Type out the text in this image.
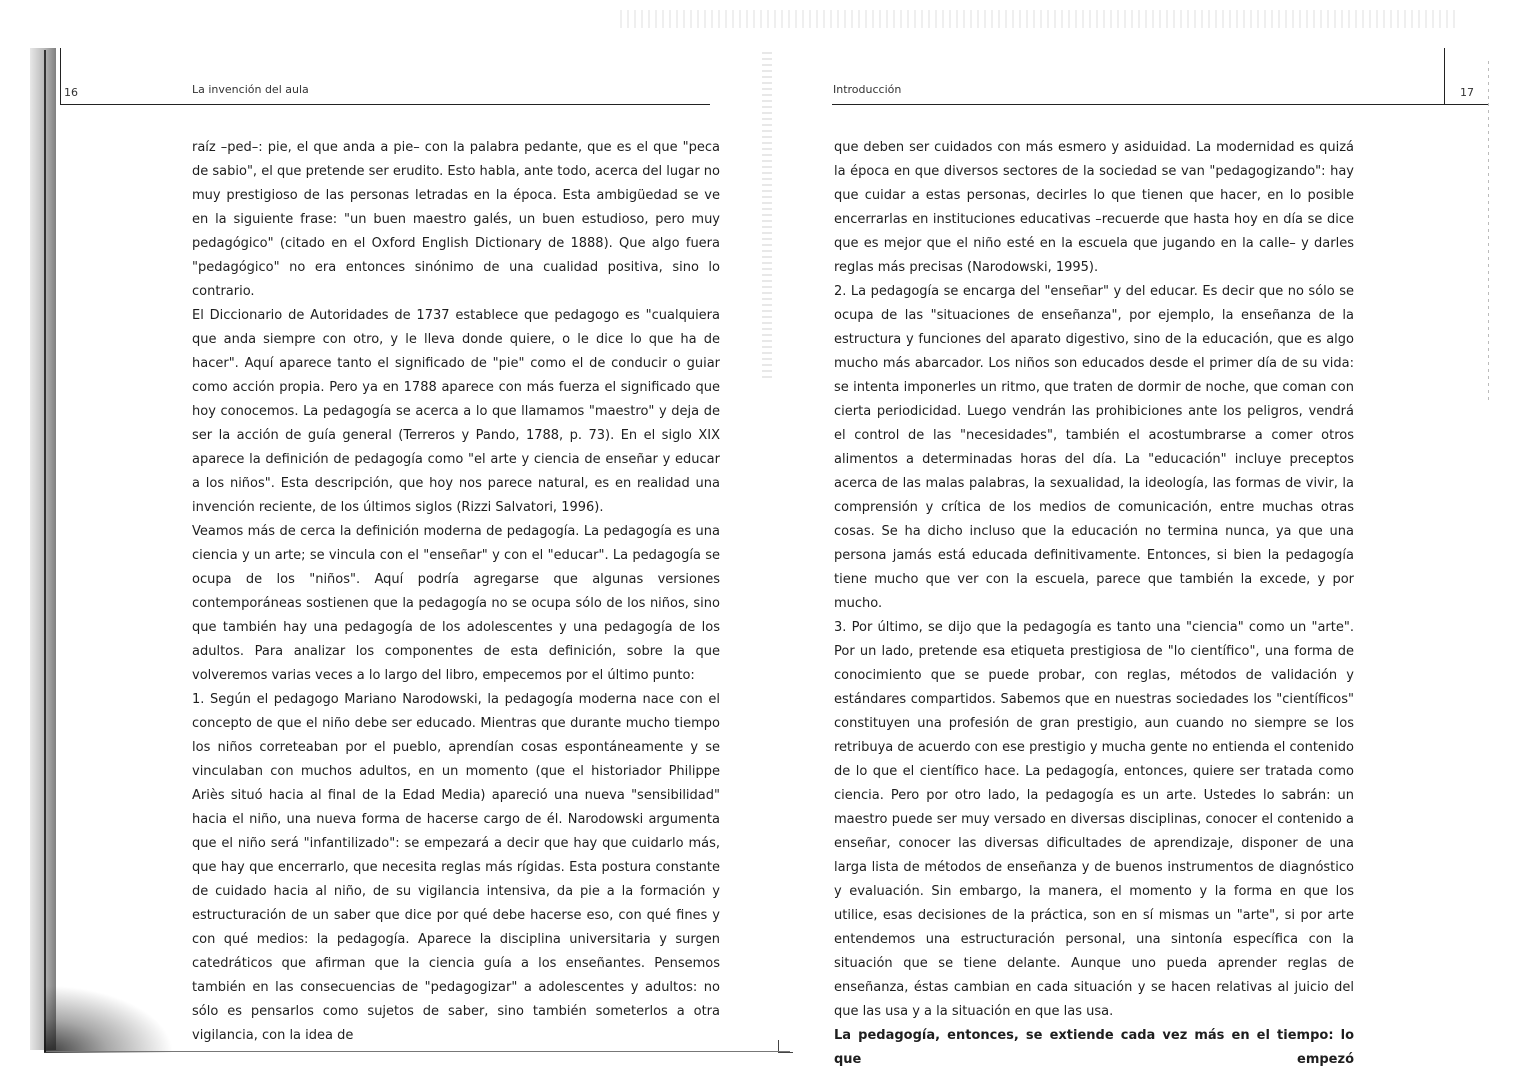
16	La invención del aula	17
Introducción

raíz –ped–: pie, el que anda a pie– con la palabra pedante, que es el que "peca de sabio", el que pretende ser erudito. Esto habla, ante todo, acerca del lugar no muy prestigioso de las personas letradas en la época. Esta ambigüedad se ve en la siguiente frase: "un buen maestro galés, un buen estudioso, pero muy pedagógico" (citado en el Oxford English Dictionary de 1888). Que algo fuera "pedagógico" no era entonces sinónimo de una cualidad positiva, sino lo contrario.

El Diccionario de Autoridades de 1737 establece que pedagogo es "cualquiera que anda siempre con otro, y le lleva donde quiere, o le dice lo que ha de hacer". Aquí aparece tanto el significado de "pie" como el de conducir o guiar como acción propia. Pero ya en 1788 aparece con más fuerza el significado que hoy conocemos. La pedagogía se acerca a lo que llamamos "maestro" y deja de ser la acción de guía general (Terreros y Pando, 1788, p. 73). En el siglo XIX aparece la definición de pedagogía como "el arte y ciencia de enseñar y educar a los niños". Esta descripción, que hoy nos parece natural, es en realidad una invención reciente, de los últimos siglos (Rizzi Salvatori, 1996).

Veamos más de cerca la definición moderna de pedagogía. La pedagogía es una ciencia y un arte; se vincula con el "enseñar" y con el "educar". La pedagogía se ocupa de los "niños". Aquí podría agregarse que algunas versiones contemporáneas sostienen que la pedagogía no se ocupa sólo de los niños, sino que también hay una pedagogía de los adolescentes y una pedagogía de los adultos. Para analizar los componentes de esta definición, sobre la que volveremos varias veces a lo largo del libro, empecemos por el último punto:

1. Según el pedagogo Mariano Narodowski, la pedagogía moderna nace con el concepto de que el niño debe ser educado. Mientras que durante mucho tiempo los niños correteaban por el pueblo, aprendían cosas espontáneamente y se vinculaban con muchos adultos, en un momento (que el historiador Philippe Ariès situó hacia al final de la Edad Media) apareció una nueva "sensibilidad" hacia el niño, una nueva forma de hacerse cargo de él. Narodowski argumenta que el niño será "infantilizado": se empezará a decir que hay que cuidarlo más, que hay que encerrarlo, que necesita reglas más rígidas. Esta postura constante de cuidado hacia al niño, de su vigilancia intensiva, da pie a la formación y estructuración de un saber que dice por qué debe hacerse eso, con qué fines y con qué medios: la pedagogía. Aparece la disciplina universitaria y surgen catedráticos que afirman que la ciencia guía a los enseñantes. Pensemos también en las consecuencias de "pedagogizar" a adolescentes y adultos: no sólo es pensarlos como sujetos de saber, sino también someterlos a otra vigilancia, con la idea de

que deben ser cuidados con más esmero y asiduidad. La modernidad es quizá la época en que diversos sectores de la sociedad se van "pedagogizando": hay que cuidar a estas personas, decirles lo que tienen que hacer, en lo posible encerrarlas en instituciones educativas –recuerde que hasta hoy en día se dice que es mejor que el niño esté en la escuela que jugando en la calle– y darles reglas más precisas (Narodowski, 1995).

2. La pedagogía se encarga del "enseñar" y del educar. Es decir que no sólo se ocupa de las "situaciones de enseñanza", por ejemplo, la enseñanza de la estructura y funciones del aparato digestivo, sino de la educación, que es algo mucho más abarcador. Los niños son educados desde el primer día de su vida: se intenta imponerles un ritmo, que traten de dormir de noche, que coman con cierta periodicidad. Luego vendrán las prohibiciones ante los peligros, vendrá el control de las "necesidades", también el acostumbrarse a comer otros alimentos a determinadas horas del día. La "educación" incluye preceptos acerca de las malas palabras, la sexualidad, la ideología, las formas de vivir, la comprensión y crítica de los medios de comunicación, entre muchas otras cosas. Se ha dicho incluso que la educación no termina nunca, ya que una persona jamás está educada definitivamente. Entonces, si bien la pedagogía tiene mucho que ver con la escuela, parece que también la excede, y por mucho.

3. Por último, se dijo que la pedagogía es tanto una "ciencia" como un "arte". Por un lado, pretende esa etiqueta prestigiosa de "lo científico", una forma de conocimiento que se puede probar, con reglas, métodos de validación y estándares compartidos. Sabemos que en nuestras sociedades los "científicos" constituyen una profesión de gran prestigio, aun cuando no siempre se los retribuya de acuerdo con ese prestigio y mucha gente no entienda el contenido de lo que el científico hace. La pedagogía, entonces, quiere ser tratada como ciencia. Pero por otro lado, la pedagogía es un arte. Ustedes lo sabrán: un maestro puede ser muy versado en diversas disciplinas, conocer el contenido a enseñar, conocer las diversas dificultades de aprendizaje, disponer de una larga lista de métodos de enseñanza y de buenos instrumentos de diagnóstico y evaluación. Sin embargo, la manera, el momento y la forma en que los utilice, esas decisiones de la práctica, son en sí mismas un "arte", si por arte entendemos una estructuración personal, una sintonía específica con la situación que se tiene delante. Aunque uno pueda aprender reglas de enseñanza, éstas cambian en cada situación y se hacen relativas al juicio del que las usa y a la situación en que las usa.

La pedagogía, entonces, se extiende cada vez más en el tiempo: lo que empezó
